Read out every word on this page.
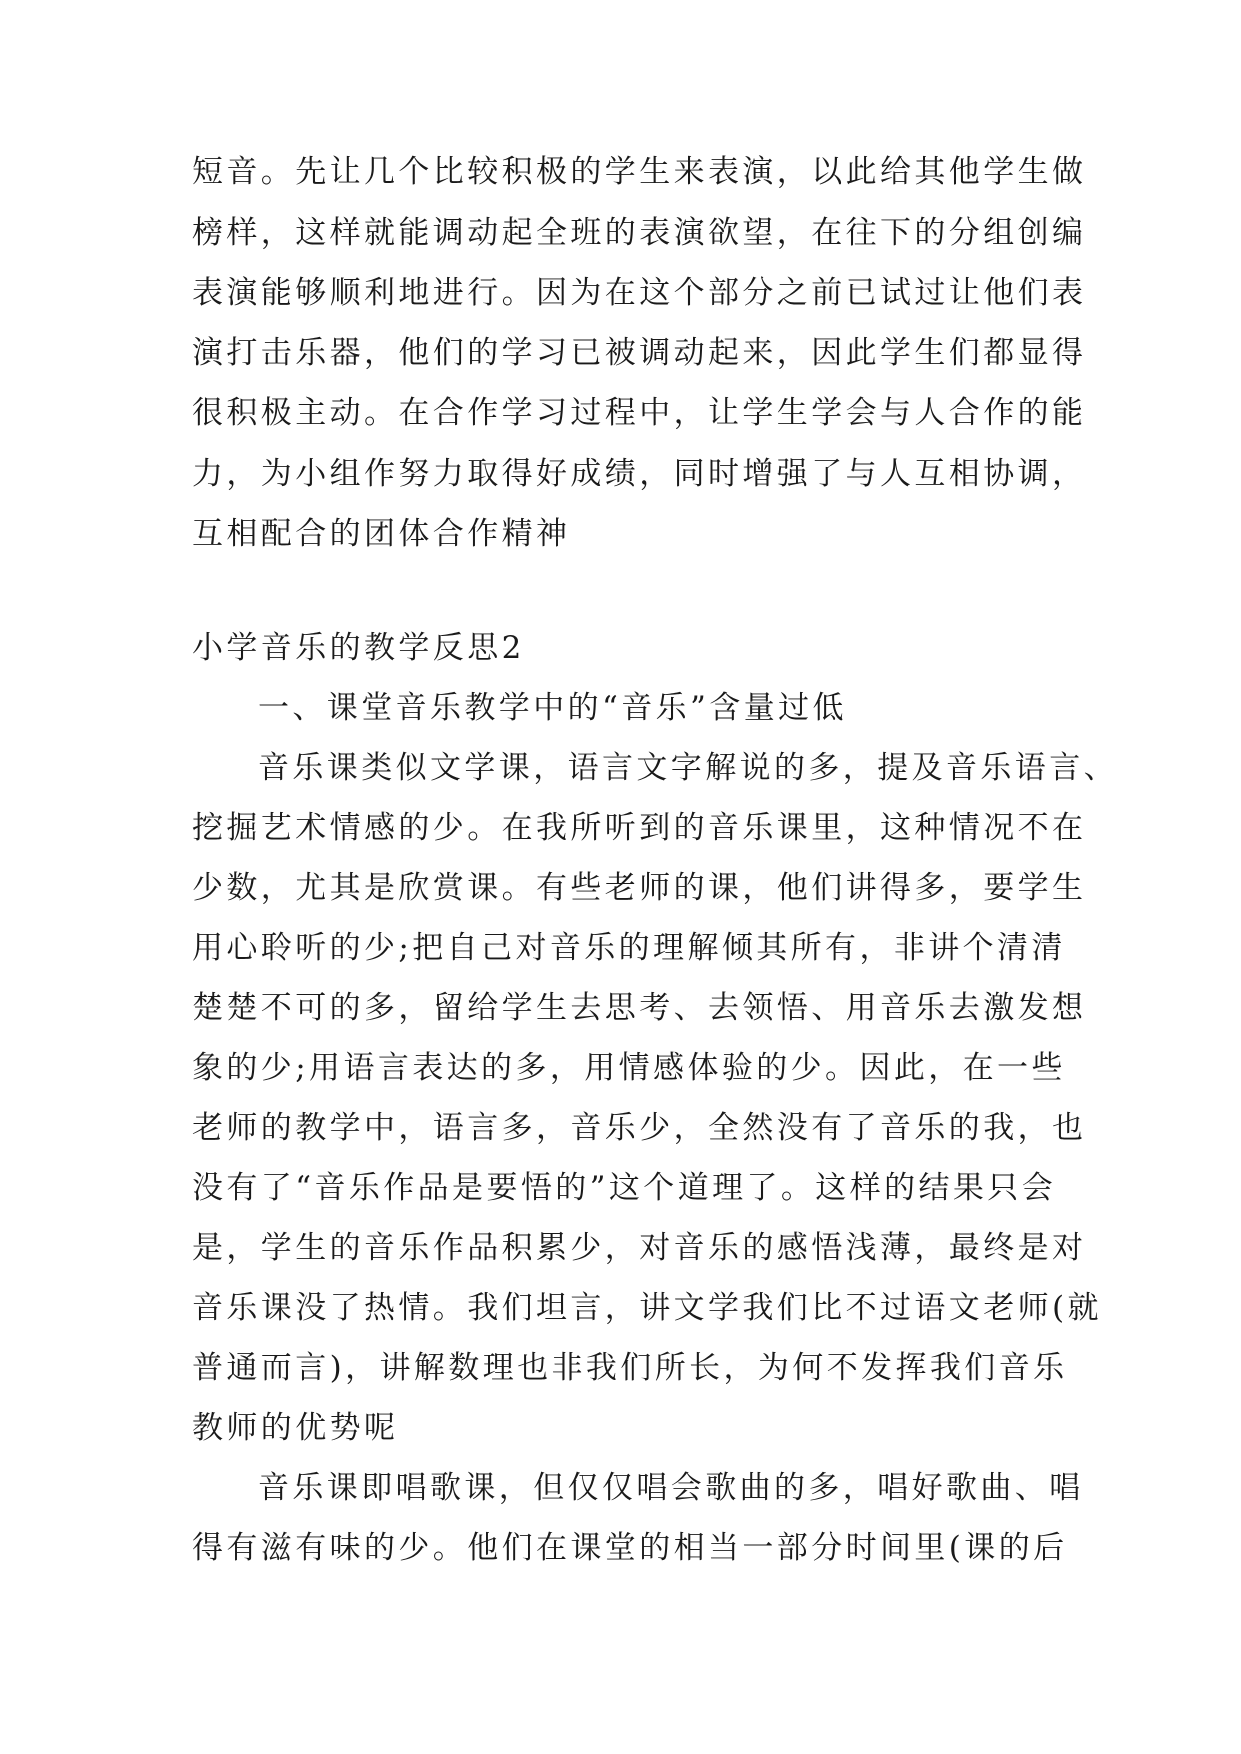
短音。先让几个比较积极的学生来表演，以此给其他学生做
榜样，这样就能调动起全班的表演欲望，在往下的分组创编
表演能够顺利地进行。因为在这个部分之前已试过让他们表
演打击乐器，他们的学习已被调动起来，因此学生们都显得
很积极主动。在合作学习过程中，让学生学会与人合作的能
力，为小组作努力取得好成绩，同时增强了与人互相协调，
互相配合的团体合作精神
小学音乐的教学反思2
一、课堂音乐教学中的“音乐”含量过低
音乐课类似文学课，语言文字解说的多，提及音乐语言、
挖掘艺术情感的少。在我所听到的音乐课里，这种情况不在
少数，尤其是欣赏课。有些老师的课，他们讲得多，要学生
用心聆听的少;把自己对音乐的理解倾其所有，非讲个清清
楚楚不可的多，留给学生去思考、去领悟、用音乐去激发想
象的少;用语言表达的多，用情感体验的少。因此，在一些
老师的教学中，语言多，音乐少，全然没有了音乐的我，也
没有了“音乐作品是要悟的”这个道理了。这样的结果只会
是，学生的音乐作品积累少，对音乐的感悟浅薄，最终是对
音乐课没了热情。我们坦言，讲文学我们比不过语文老师(就
普通而言)，讲解数理也非我们所长，为何不发挥我们音乐
教师的优势呢
音乐课即唱歌课，但仅仅唱会歌曲的多，唱好歌曲、唱
得有滋有味的少。他们在课堂的相当一部分时间里(课的后
